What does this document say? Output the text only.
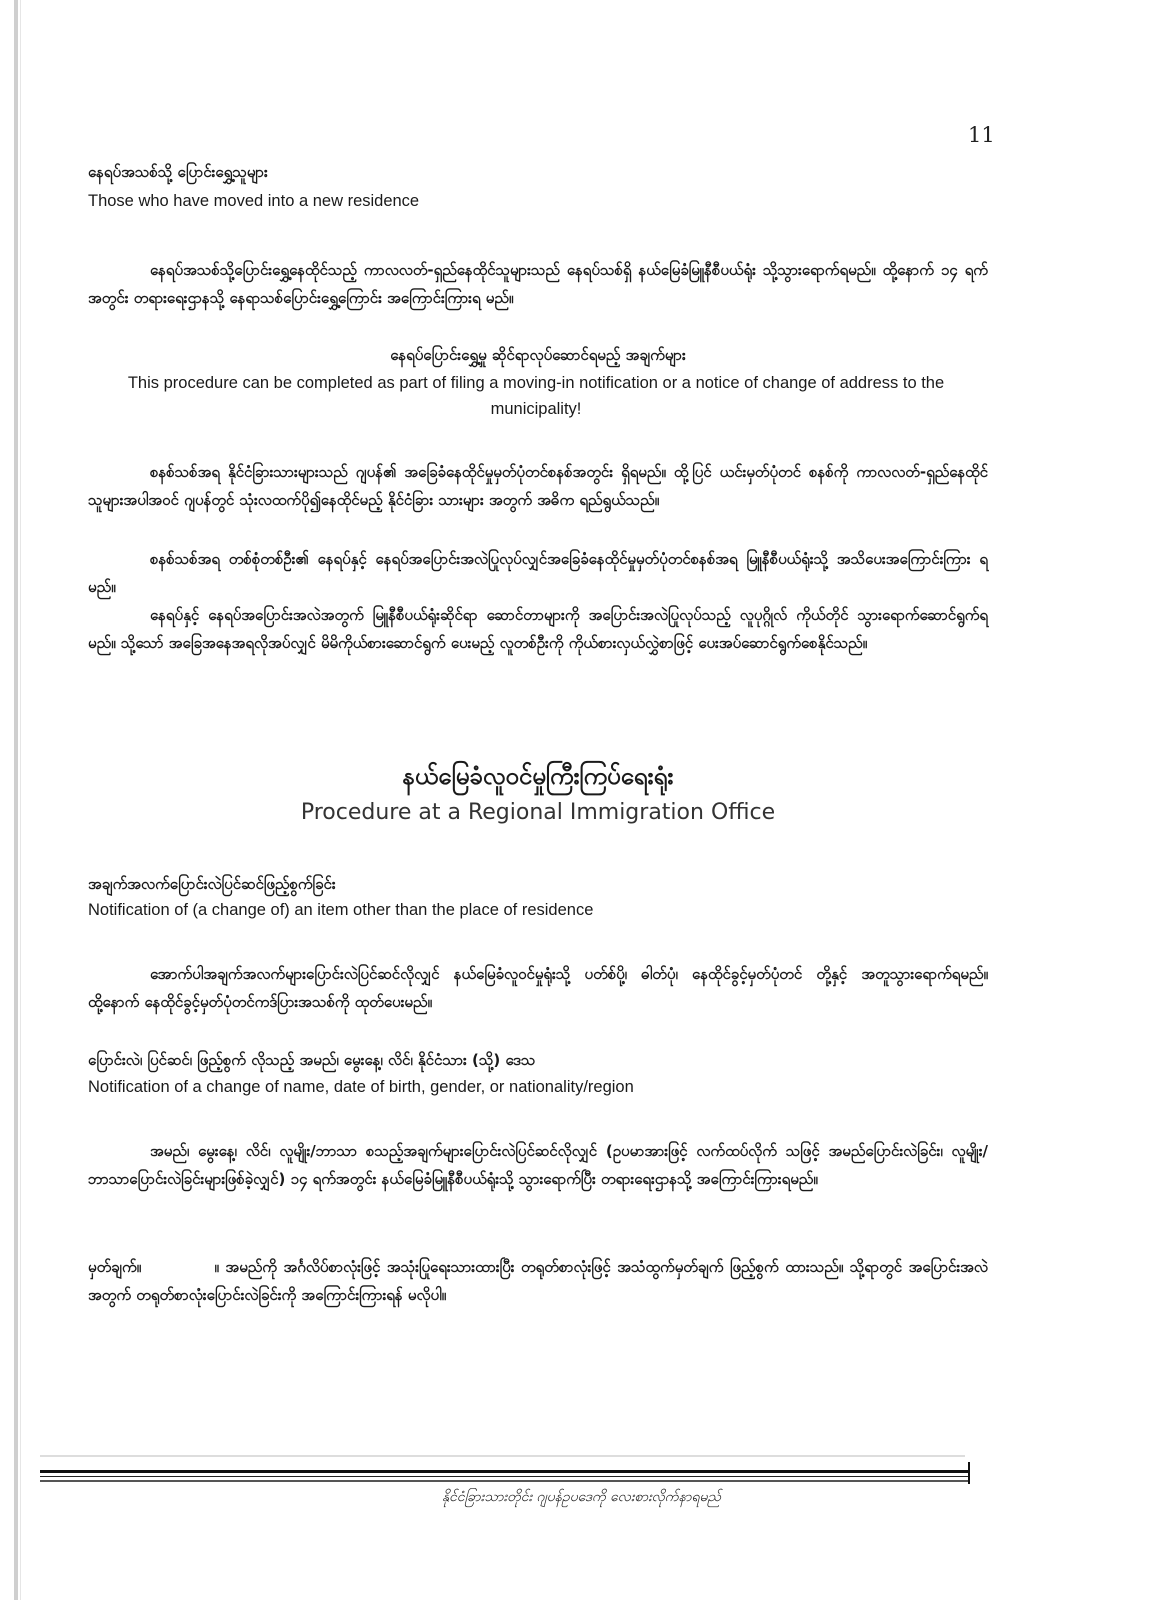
11
နေရပ်အသစ်သို့ ပြောင်းရွှေ့သူများ
Those who have moved into a new residence
နေရပ်အသစ်သို့ပြောင်းရွှေ့နေထိုင်သည့် ကာလလတ်-ရှည်နေထိုင်သူများသည် နေရပ်သစ်ရှိ နယ်မြေခံမြူနီစီပယ်ရုံး သို့သွားရောက်ရမည်။ ထို့နောက် ၁၄ ရက်အတွင်း တရားရေးဌာနသို့ နေရာသစ်ပြောင်းရွှေ့ကြောင်း အကြောင်းကြားရ မည်။
နေရပ်ပြောင်းရွှေ့မှု ဆိုင်ရာလုပ်ဆောင်ရမည့် အချက်များ
This procedure can be completed as part of filing a moving-in notification or a notice of change of address to the municipality!
စနစ်သစ်အရ နိုင်ငံခြားသားများသည် ဂျပန်၏ အခြေခံနေထိုင်မှုမှတ်ပုံတင်စနစ်အတွင်း ရှိရမည်။ ထို့ပြင် ယင်းမှတ်ပုံတင် စနစ်ကို ကာလလတ်-ရှည်နေထိုင်သူများအပါအဝင် ဂျပန်တွင် သုံးလထက်ပို၍နေထိုင်မည့် နိုင်ငံခြား သားများ အတွက် အဓိက ရည်ရွယ်သည်။
စနစ်သစ်အရ တစ်စုံတစ်ဦး၏ နေရပ်နှင့် နေရပ်အပြောင်းအလဲပြုလုပ်လျှင်အခြေခံနေထိုင်မှုမှတ်ပုံတင်စနစ်အရ မြူနီစီပယ်ရုံးသို့ အသိပေးအကြောင်းကြား ရမည်။
နေရပ်နှင့် နေရပ်အပြောင်းအလဲအတွက် မြူနီစီပယ်ရုံးဆိုင်ရာ ဆောင်တာများကို အပြောင်းအလဲပြုလုပ်သည့် လူပုဂ္ဂိုလ် ကိုယ်တိုင် သွားရောက်ဆောင်ရွက်ရမည်။ သို့သော် အခြေအနေအရလိုအပ်လျှင် မိမိကိုယ်စားဆောင်ရွက် ပေးမည့် လူတစ်ဦးကို ကိုယ်စားလှယ်လွှဲစာဖြင့် ပေးအပ်ဆောင်ရွက်စေနိုင်သည်။
နယ်မြေခံလူဝင်မှုကြီးကြပ်ရေးရုံး
Procedure at a Regional Immigration Office
အချက်အလက်ပြောင်းလဲပြင်ဆင်ဖြည့်စွက်ခြင်း
Notification of (a change of) an item other than the place of residence
အောက်ပါအချက်အလက်များပြောင်းလဲပြင်ဆင်လိုလျှင် နယ်မြေခံလူဝင်မှုရုံးသို့ ပတ်စ်ပို့၊ ဓါတ်ပုံ၊ နေထိုင်ခွင့်မှတ်ပုံတင် တို့နှင့် အတူသွားရောက်ရမည်။ ထို့နောက် နေထိုင်ခွင့်မှတ်ပုံတင်ကဒ်ပြားအသစ်ကို ထုတ်ပေးမည်။
ပြောင်းလဲ၊ ပြင်ဆင်၊ ဖြည့်စွက် လိုသည့် အမည်၊ မွေးနေ့၊ လိင်၊ နိုင်ငံသား (သို့) ဒေသ
Notification of a change of name, date of birth, gender, or nationality/region
အမည်၊ မွေးနေ့၊ လိင်၊ လူမျိုး/ဘာသာ စသည့်အချက်များပြောင်းလဲပြင်ဆင်လိုလျှင် (ဥပမာအားဖြင့် လက်ထပ်လိုက် သဖြင့် အမည်ပြောင်းလဲခြင်း၊ လူမျိုး/ဘာသာပြောင်းလဲခြင်းများဖြစ်ခဲ့လျှင်) ၁၄ ရက်အတွင်း နယ်မြေခံမြူနီစီပယ်ရုံးသို့ သွားရောက်ပြီး တရားရေးဌာနသို့ အကြောင်းကြားရမည်။
မှတ်ချက်။	။ အမည်ကို အင်္ဂလိပ်စာလုံးဖြင့် အသုံးပြုရေးသားထားပြီး တရုတ်စာလုံးဖြင့် အသံထွက်မှတ်ချက် ဖြည့်စွက် ထားသည်။ သို့ရာတွင် အပြောင်းအလဲအတွက် တရုတ်စာလုံးပြောင်းလဲခြင်းကို အကြောင်းကြားရန် မလိုပါ။
နိုင်ငံခြားသားတိုင်း ဂျပန်ဥပဒေကို လေးစားလိုက်နာရမည်
